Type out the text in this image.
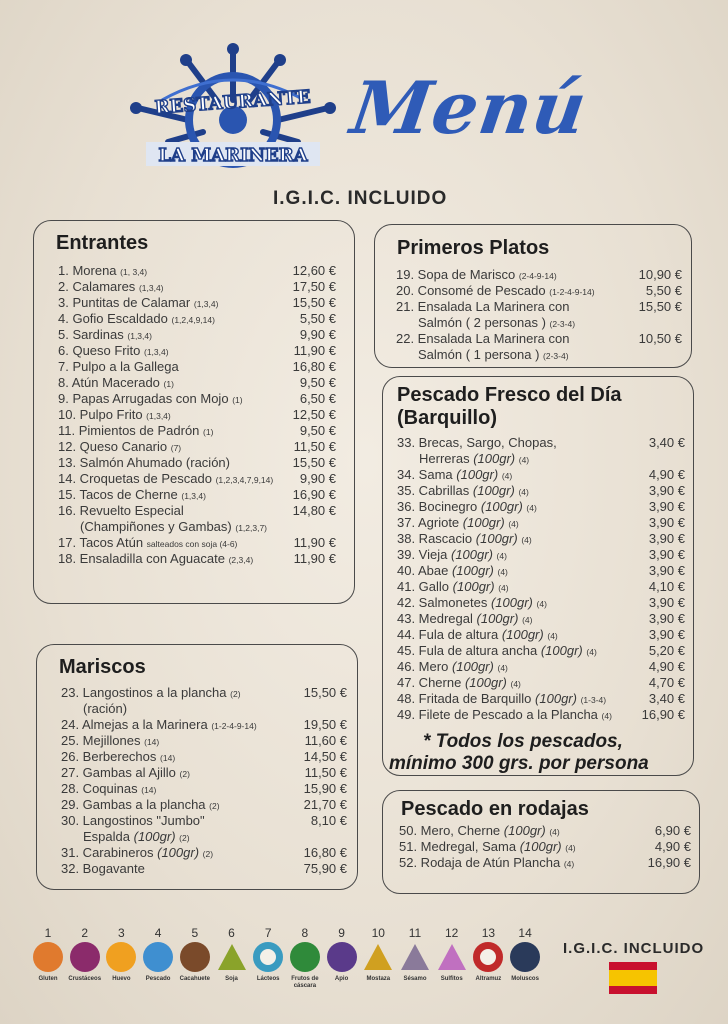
RESTAURANTE
LA MARINERA
Menú
I.G.I.C. INCLUIDO
Entrantes
1. Morena (1, 3,4)	12,60 €
2. Calamares (1,3,4)	17,50 €
3. Puntitas de Calamar (1,3,4)	15,50 €
4. Gofio Escaldado (1,2,4,9,14)	5,50 €
5. Sardinas (1,3,4)	9,90 €
6. Queso Frito (1,3,4)	11,90 €
7. Pulpo a la Gallega	16,80 €
8. Atún Macerado (1)	9,50 €
9. Papas Arrugadas con Mojo (1)	6,50 €
10. Pulpo Frito (1,3,4)	12,50 €
11. Pimientos de Padrón (1)	9,50 €
12. Queso Canario (7)	11,50 €
13. Salmón Ahumado (ración)	15,50 €
14. Croquetas de Pescado (1,2,3,4,7,9,14) 9,90 €
15. Tacos de Cherne (1,3,4)	16,90 €
16. Revuelto Especial	14,80 €
(Champiñones y Gambas) (1,2,3,7)
17. Tacos Atún salteados con soja (4-6)	11,90 €
18. Ensaladilla con Aguacate (2,3,4)	11,90 €
Mariscos
23. Langostinos a la plancha (2)	15,50 €
(ración)
24. Almejas a la Marinera (1-2-4-9-14)	19,50 €
25. Mejillones (14)	11,60 €
26. Berberechos (14)	14,50 €
27. Gambas al Ajillo (2)	11,50 €
28. Coquinas (14)	15,90 €
29. Gambas a la plancha (2)	21,70 €
30. Langostinos "Jumbo"	8,10 €
Espalda (100gr) (2)
31. Carabineros (100gr) (2)	16,80 €
32. Bogavante	75,90 €
Primeros Platos
19. Sopa de Marisco (2-4-9-14)	10,90 €
20. Consomé de Pescado (1-2-4-9-14)	5,50 €
21. Ensalada La Marinera con	15,50 €
Salmón ( 2 personas ) (2-3-4)
22. Ensalada La Marinera con	10,50 €
Salmón ( 1 persona ) (2-3-4)
Pescado Fresco del Día
(Barquillo)
33. Brecas, Sargo, Chopas,	3,40 €
Herreras (100gr) (4)
34. Sama (100gr) (4)	4,90 €
35. Cabrillas (100gr) (4)	3,90 €
36. Bocinegro (100gr) (4)	3,90 €
37. Agriote (100gr) (4)	3,90 €
38. Rascacio (100gr) (4)	3,90 €
39. Vieja (100gr) (4)	3,90 €
40. Abae (100gr) (4)	3,90 €
41. Gallo (100gr) (4)	4,10 €
42. Salmonetes (100gr) (4)	3,90 €
43. Medregal (100gr) (4)	3,90 €
44. Fula de altura (100gr) (4)	3,90 €
45. Fula de altura ancha (100gr) (4)	5,20 €
46. Mero (100gr) (4)	4,90 €
47. Cherne (100gr) (4)	4,70 €
48. Fritada de Barquillo (100gr) (1-3-4)	3,40 €
49. Filete de Pescado a la Plancha (4) 16,90 €
* Todos los pescados,
mínimo 300 grs. por persona
Pescado en rodajas
50. Mero, Cherne (100gr) (4)	6,90 €
51. Medregal, Sama (100gr) (4)	4,90 €
52. Rodaja de Atún Plancha (4)	16,90 €
1
Gluten
2
Crustáceos
3
Huevo
4
Pescado
5
Cacahuete
6
Soja
7
Lácteos
8
Frutos de cáscara
9
Apio
10
Mostaza
11
Sésamo
12
Sulfitos
13
Altramuz
14
Moluscos
I.G.I.C. INCLUIDO
